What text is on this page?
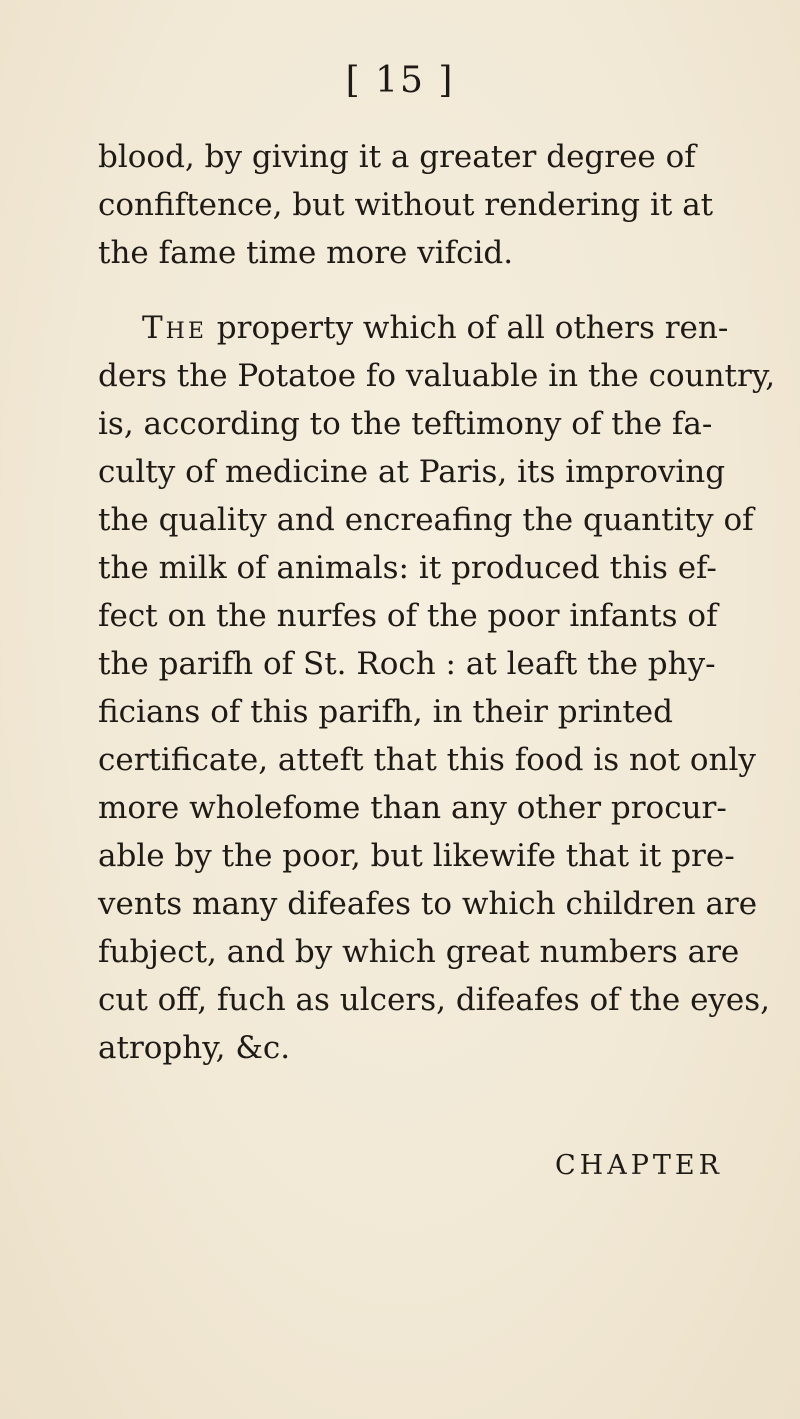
[ 15 ]
blood, by giving it a greater degree of
confiftence, but without rendering it at
the fame time more vifcid.
The property which of all others ren-
ders the Potatoe fo valuable in the country,
is, according to the teftimony of the fa-
culty of medicine at Paris, its improving
the quality and encreafing the quantity of
the milk of animals: it produced this ef-
fect on the nurfes of the poor infants of
the parifh of St. Roch : at leaft the phy-
ficians of this parifh, in their printed
certificate, atteft that this food is not only
more wholefome than any other procur-
able by the poor, but likewife that it pre-
vents many difeafes to which children are
fubject, and by which great numbers are
cut off, fuch as ulcers, difeafes of the eyes,
atrophy, &c.
CHAPTER
